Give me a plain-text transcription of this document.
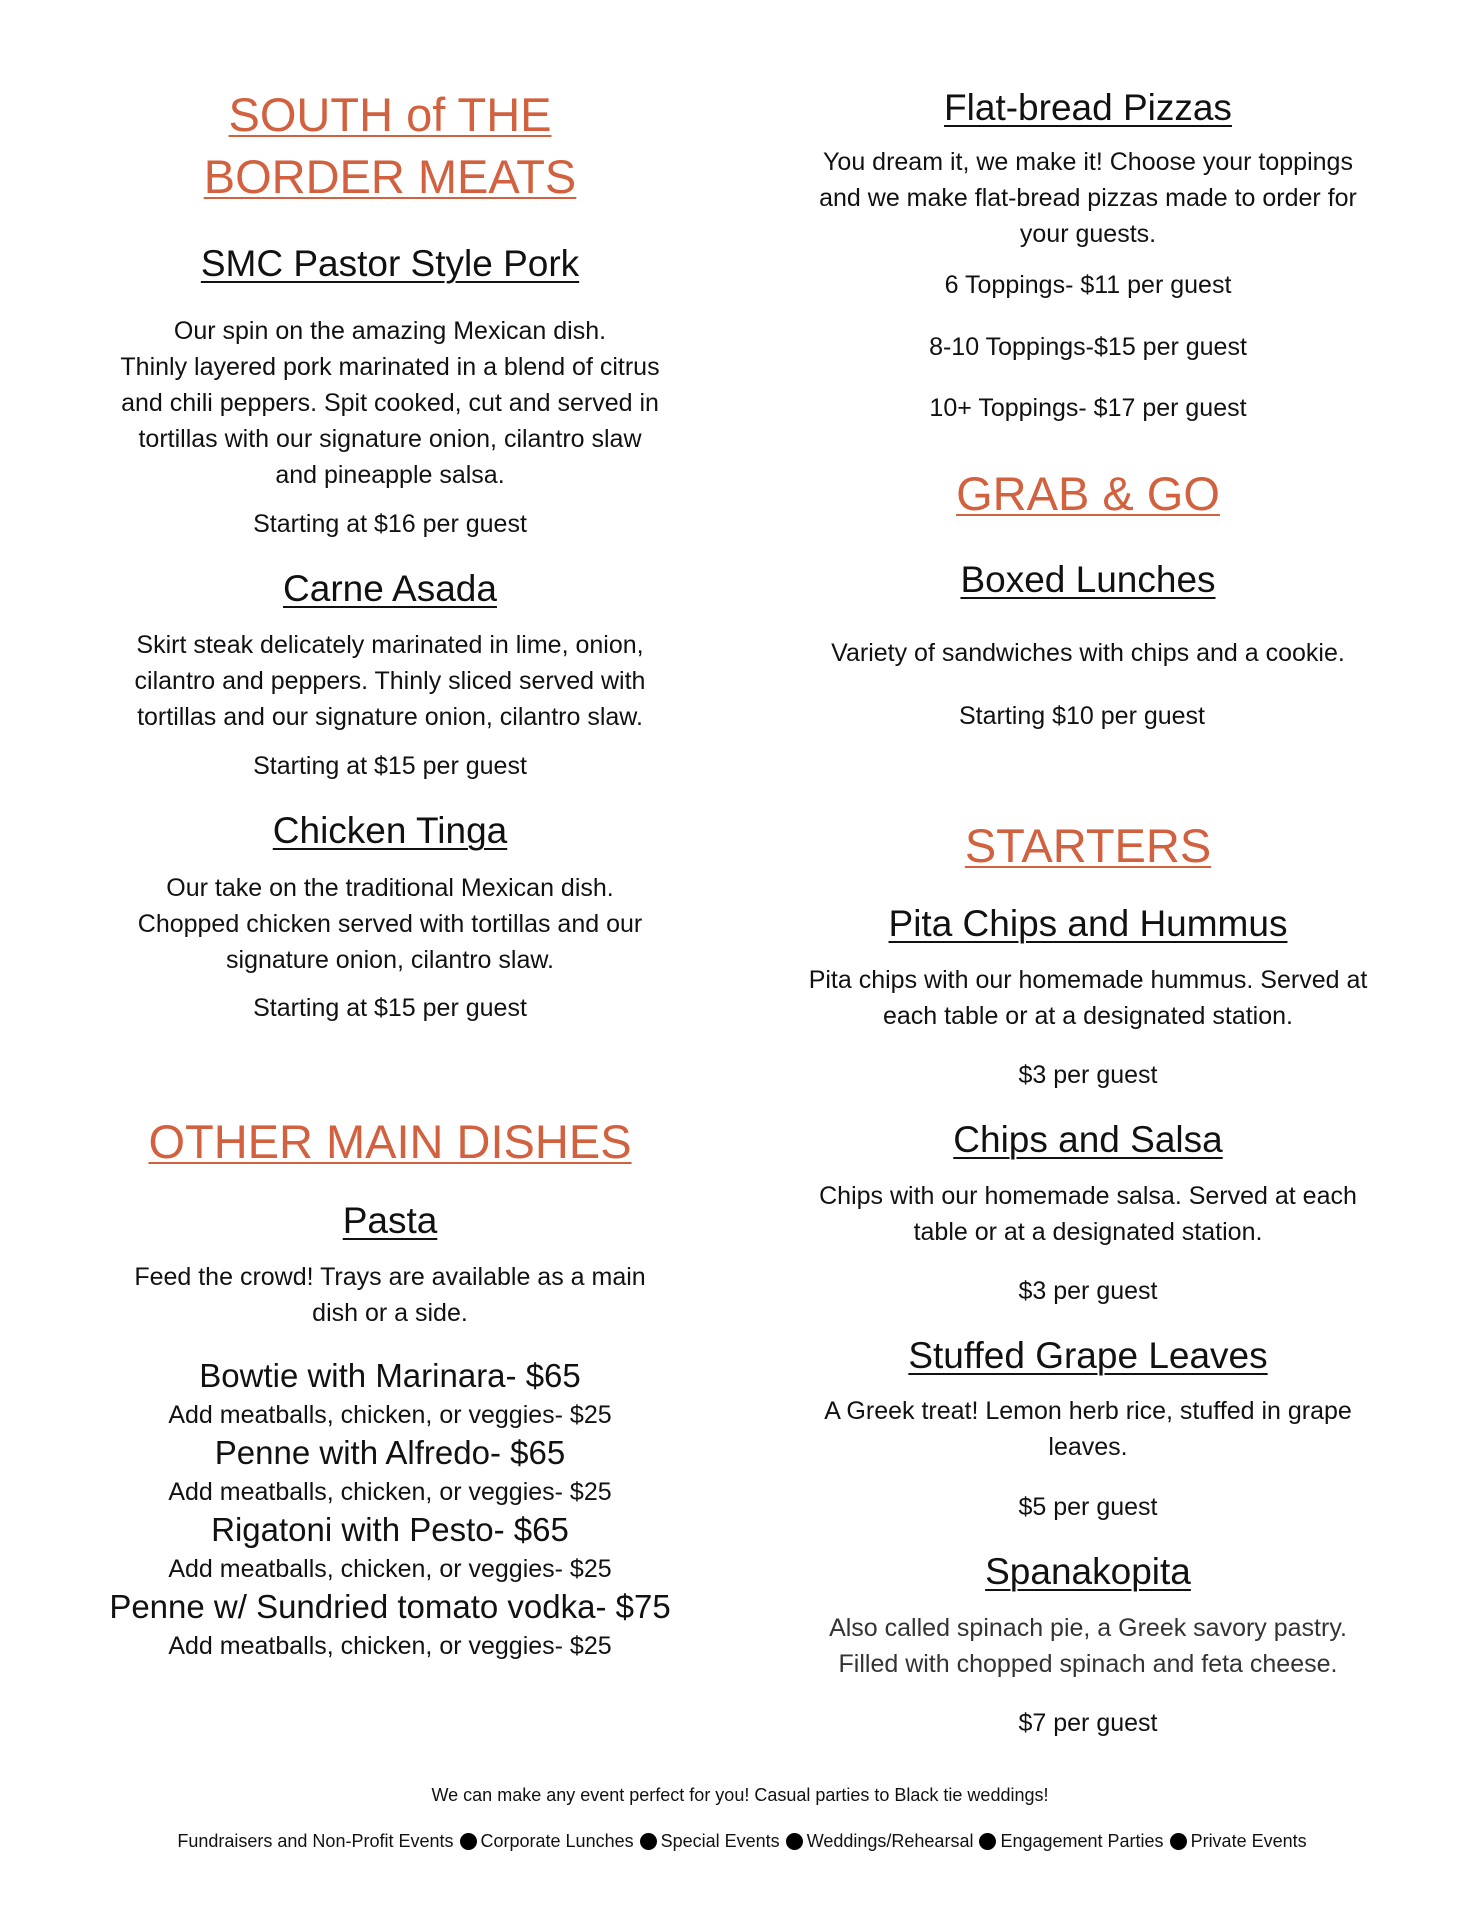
SOUTH of THE
BORDER MEATS
SMC Pastor Style Pork
Our spin on the amazing Mexican dish.
Thinly layered pork marinated in a blend of citrus
and chili peppers. Spit cooked, cut and served in
tortillas with our signature onion, cilantro slaw
and pineapple salsa.
Starting at $16 per guest
Carne Asada
Skirt steak delicately marinated in lime, onion,
cilantro and peppers. Thinly sliced served with
tortillas and our signature onion, cilantro slaw.
Starting at $15 per guest
Chicken Tinga
Our take on the traditional Mexican dish.
Chopped chicken served with tortillas and our
signature onion, cilantro slaw.
Starting at $15 per guest
OTHER MAIN DISHES
Pasta
Feed the crowd! Trays are available as a main
dish or a side.
Bowtie with Marinara- $65
Add meatballs, chicken, or veggies- $25
Penne with Alfredo- $65
Add meatballs, chicken, or veggies- $25
Rigatoni with Pesto- $65
Add meatballs, chicken, or veggies- $25
Penne w/ Sundried tomato vodka- $75
Add meatballs, chicken, or veggies- $25
Flat-bread Pizzas
You dream it, we make it! Choose your toppings
and we make flat-bread pizzas made to order for
your guests.
6 Toppings- $11 per guest
8-10 Toppings-$15 per guest
10+ Toppings- $17 per guest
GRAB & GO
Boxed Lunches
Variety of sandwiches with chips and a cookie.
Starting $10 per guest
STARTERS
Pita Chips and Hummus
Pita chips with our homemade hummus. Served at
each table or at a designated station.
$3 per guest
Chips and Salsa
Chips with our homemade salsa. Served at each
table or at a designated station.
$3 per guest
Stuffed Grape Leaves
A Greek treat! Lemon herb rice, stuffed in grape
leaves.
$5 per guest
Spanakopita
Also called spinach pie, a Greek savory pastry.
Filled with chopped spinach and feta cheese.
$7 per guest
We can make any event perfect for you! Casual parties to Black tie weddings!
Fundraisers and Non-Profit Events Corporate Lunches Special Events Weddings/Rehearsal Engagement Parties Private Events
